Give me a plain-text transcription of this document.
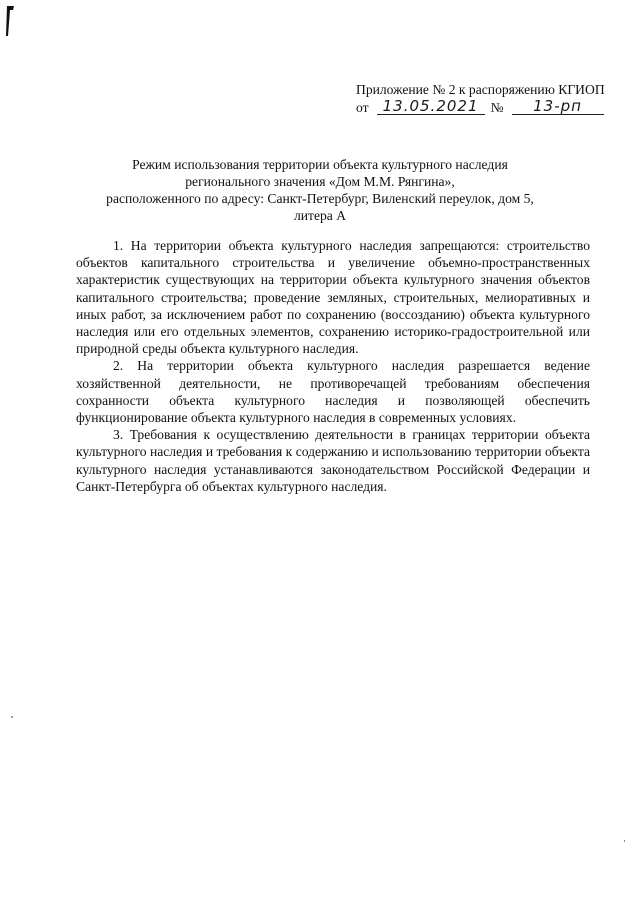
Приложение № 2 к распоряжению КГИОП
от 13.05.2021 №	13-рп
Режим использования территории объекта культурного наследия
регионального значения «Дом М.М. Рянгина»,
расположенного по адресу: Санкт-Петербург, Виленский переулок, дом 5, литера А

1. На территории объекта культурного наследия запрещаются: строительство объектов капитального строительства и увеличение объемно-пространственных характеристик существующих на территории объекта культурного значения объектов капитального строительства; проведение земляных, строительных, мелиоративных и иных работ, за исключением работ по сохранению (воссозданию) объекта культурного наследия или его отдельных элементов, сохранению историко-градостроительной или природной среды объекта культурного наследия.

2. На территории объекта культурного наследия разрешается ведение хозяйственной деятельности, не противоречащей требованиям обеспечения сохранности объекта культурного наследия и позволяющей обеспечить функционирование объекта культурного наследия в современных условиях.

3. Требования к осуществлению деятельности в границах территории объекта культурного наследия и требования к содержанию и использованию территории объекта культурного наследия устанавливаются законодательством Российской Федерации и Санкт-Петербурга об объектах культурного наследия.
